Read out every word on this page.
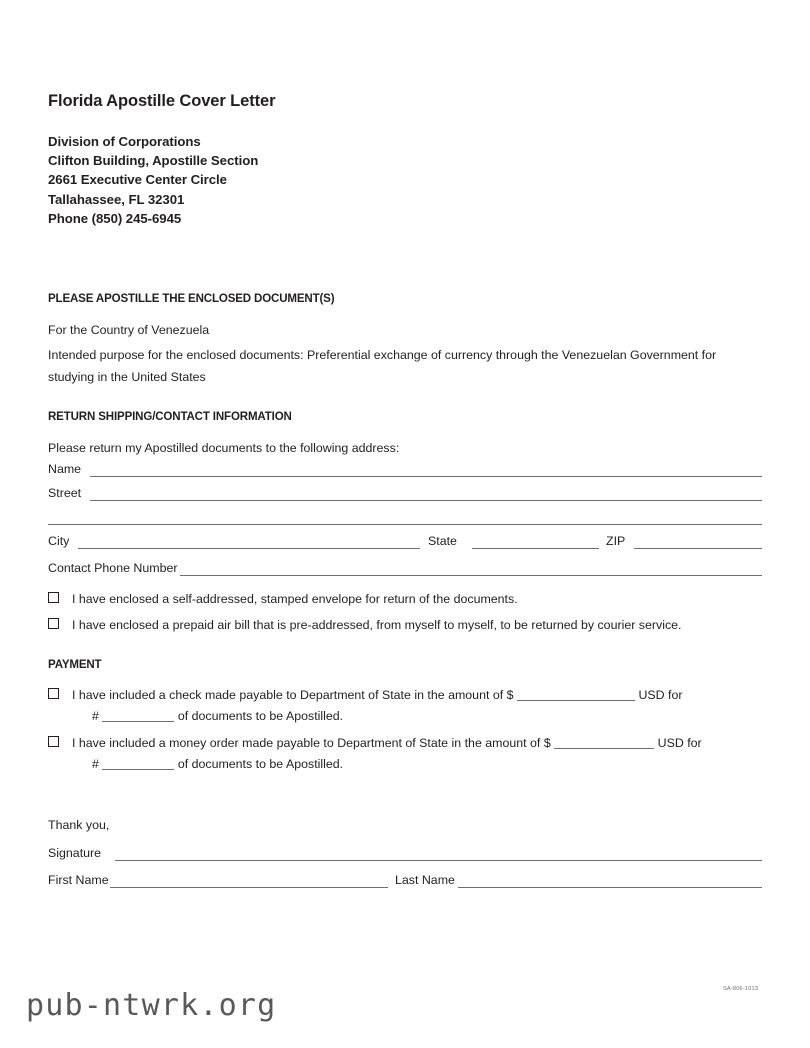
Florida Apostille Cover Letter
Division of Corporations
Clifton Building, Apostille Section
2661 Executive Center Circle
Tallahassee, FL 32301
Phone (850) 245-6945
PLEASE APOSTILLE THE ENCLOSED DOCUMENT(S)
For the Country of Venezuela
Intended purpose for the enclosed documents: Preferential exchange of currency through the Venezuelan Government for studying in the United States
RETURN SHIPPING/CONTACT INFORMATION
Please return my Apostilled documents to the following address:
Name
Street
City	State	ZIP
Contact Phone Number
I have enclosed a self-addressed, stamped envelope for return of the documents.
I have enclosed a prepaid air bill that is pre-addressed, from myself to myself, to be returned by courier service.
PAYMENT
I have included a check made payable to Department of State in the amount of $	USD for
#	of documents to be Apostilled.
I have included a money order made payable to Department of State in the amount of $	USD for
#	of documents to be Apostilled.
Thank you,
Signature
First Name	Last Name
SA-806-1013
pub-ntwrk.org
